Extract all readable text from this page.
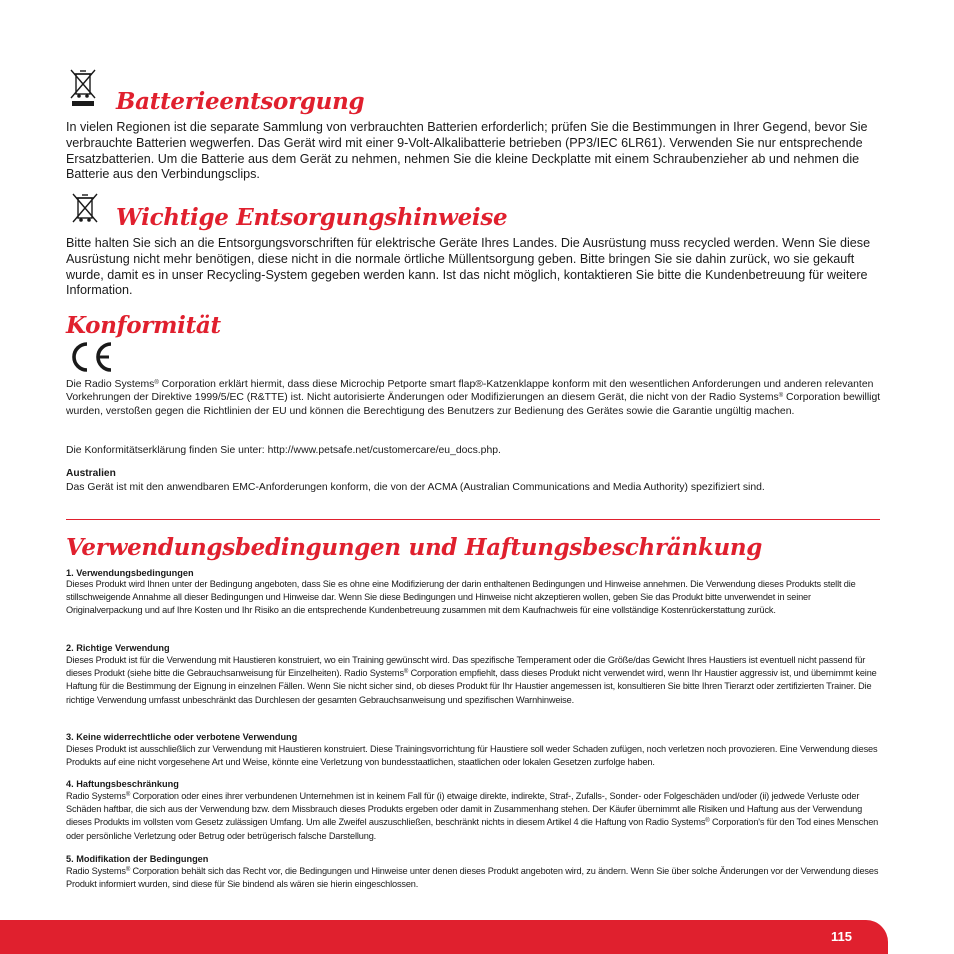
Batterieentsorgung

In vielen Regionen ist die separate Sammlung von verbrauchten Batterien erforderlich; prüfen Sie die Bestimmungen in Ihrer Gegend, bevor Sie verbrauchte Batterien wegwerfen. Das Gerät wird mit einer 9-Volt-Alkalibatterie betrieben (PP3/IEC 6LR61). Verwenden Sie nur entsprechende Ersatzbatterien. Um die Batterie aus dem Gerät zu nehmen, nehmen Sie die kleine Deckplatte mit einem Schraubenzieher ab und nehmen die Batterie aus den Verbindungsclips.

Wichtige Entsorgungshinweise

Bitte halten Sie sich an die Entsorgungsvorschriften für elektrische Geräte Ihres Landes. Die Ausrüstung muss recycled werden. Wenn Sie diese Ausrüstung nicht mehr benötigen, diese nicht in die normale örtliche Müllentsorgung geben. Bitte bringen Sie sie dahin zurück, wo sie gekauft wurde, damit es in unser Recycling-System gegeben werden kann. Ist das nicht möglich, kontaktieren Sie bitte die Kundenbetreuung für weitere Information.

Konformität

Die Radio Systems® Corporation erklärt hiermit, dass diese Microchip Petporte smart flap®-Katzenklappe konform mit den wesentlichen Anforderungen und anderen relevanten Vorkehrungen der Direktive 1999/5/EC (R&TTE) ist. Nicht autorisierte Änderungen oder Modifizierungen an diesem Gerät, die nicht von der Radio Systems® Corporation bewilligt wurden, verstoßen gegen die Richtlinien der EU und können die Berechtigung des Benutzers zur Bedienung des Gerätes sowie die Garantie ungültig machen.

Die Konformitätserklärung finden Sie unter: http://www.petsafe.net/customercare/eu_docs.php.

Australien

Das Gerät ist mit den anwendbaren EMC-Anforderungen konform, die von der ACMA (Australian Communications and Media Authority) spezifiziert sind.

Verwendungsbedingungen und Haftungsbeschränkung

1. Verwendungsbedingungen

Dieses Produkt wird Ihnen unter der Bedingung angeboten, dass Sie es ohne eine Modifizierung der darin enthaltenen Bedingungen und Hinweise annehmen. Die Verwendung dieses Produkts stellt die stillschweigende Annahme all dieser Bedingungen und Hinweise dar. Wenn Sie diese Bedingungen und Hinweise nicht akzeptieren wollen, geben Sie das Produkt bitte unverwendet in seiner Originalverpackung und auf Ihre Kosten und Ihr Risiko an die entsprechende Kundenbetreuung zusammen mit dem Kaufnachweis für eine vollständige Kostenrückerstattung zurück.

2. Richtige Verwendung

Dieses Produkt ist für die Verwendung mit Haustieren konstruiert, wo ein Training gewünscht wird. Das spezifische Temperament oder die Größe/das Gewicht Ihres Haustiers ist eventuell nicht passend für dieses Produkt (siehe bitte die Gebrauchsanweisung für Einzelheiten). Radio Systems® Corporation empfiehlt, dass dieses Produkt nicht verwendet wird, wenn Ihr Haustier aggressiv ist, und übernimmt keine Haftung für die Bestimmung der Eignung in einzelnen Fällen. Wenn Sie nicht sicher sind, ob dieses Produkt für Ihr Haustier angemessen ist, konsultieren Sie bitte Ihren Tierarzt oder zertifizierten Trainer. Die richtige Verwendung umfasst unbeschränkt das Durchlesen der gesamten Gebrauchsanweisung und spezifischen Warnhinweise.

3. Keine widerrechtliche oder verbotene Verwendung

Dieses Produkt ist ausschließlich zur Verwendung mit Haustieren konstruiert. Diese Trainingsvorrichtung für Haustiere soll weder Schaden zufügen, noch verletzen noch provozieren. Eine Verwendung dieses Produkts auf eine nicht vorgesehene Art und Weise, könnte eine Verletzung von bundesstaatlichen, staatlichen oder lokalen Gesetzen zurfolge haben.

4. Haftungsbeschränkung

Radio Systems® Corporation oder eines ihrer verbundenen Unternehmen ist in keinem Fall für (i) etwaige direkte, indirekte, Straf-, Zufalls-, Sonder- oder Folgeschäden und/oder (ii) jedwede Verluste oder Schäden haftbar, die sich aus der Verwendung bzw. dem Missbrauch dieses Produkts ergeben oder damit in Zusammenhang stehen. Der Käufer übernimmt alle Risiken und Haftung aus der Verwendung dieses Produkts im vollsten vom Gesetz zulässigen Umfang. Um alle Zweifel auszuschließen, beschränkt nichts in diesem Artikel 4 die Haftung von Radio Systems® Corporation's für den Tod eines Menschen oder persönliche Verletzung oder Betrug oder betrügerisch falsche Darstellung.

5. Modifikation der Bedingungen

Radio Systems® Corporation behält sich das Recht vor, die Bedingungen und Hinweise unter denen dieses Produkt angeboten wird, zu ändern. Wenn Sie über solche Änderungen vor der Verwendung dieses Produkt informiert wurden, sind diese für Sie bindend als wären sie hierin eingeschlossen.

115
